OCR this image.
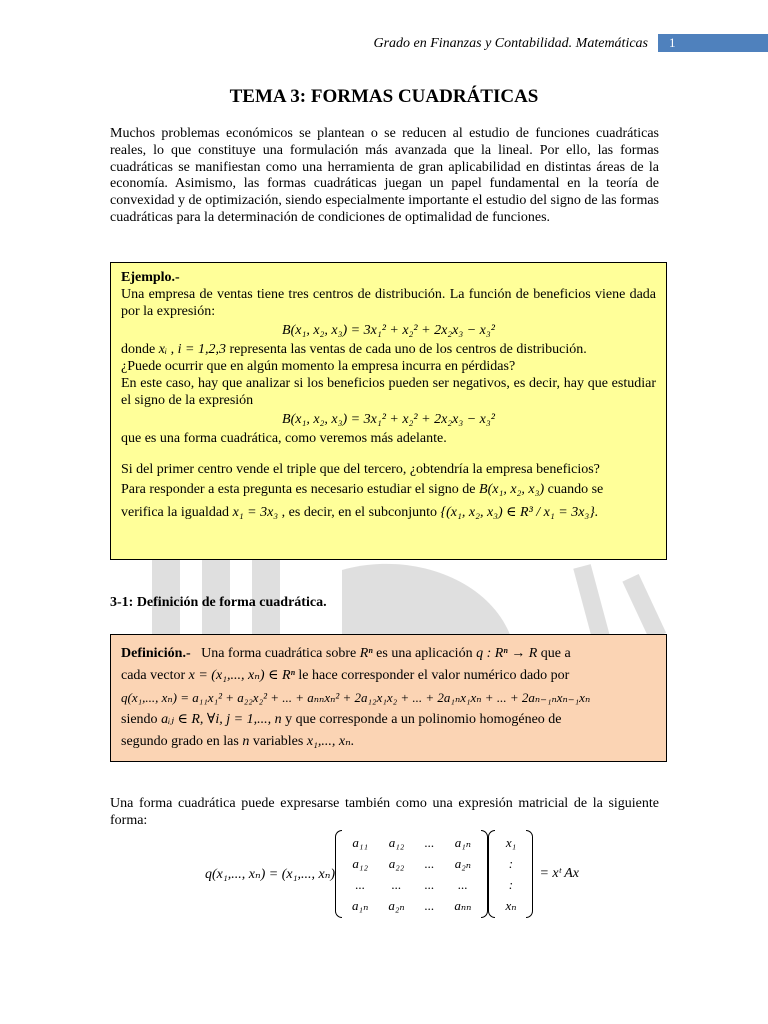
Grado en Finanzas y Contabilidad. Matemáticas	1
TEMA 3: FORMAS CUADRÁTICAS

Muchos problemas económicos se plantean o se reducen al estudio de funciones cuadráticas reales, lo que constituye una formulación más avanzada que la lineal. Por ello, las formas cuadráticas se manifiestan como una herramienta de gran aplicabilidad en distintas áreas de la economía. Asimismo, las formas cuadráticas juegan un papel fundamental en la teoría de convexidad y de optimización, siendo especialmente importante el estudio del signo de las formas cuadráticas para la determinación de condiciones de optimalidad de funciones.

Ejemplo.-

Una empresa de ventas tiene tres centros de distribución. La función de beneficios viene dada por la expresión:

B(x₁, x₂, x₃) = 3x₁² + x₂² + 2x₂x₃ − x₃²

donde xᵢ , i = 1,2,3 representa las ventas de cada uno de los centros de distribución.

¿Puede ocurrir que en algún momento la empresa incurra en pérdidas?

En este caso, hay que analizar si los beneficios pueden ser negativos, es decir, hay que estudiar el signo de la expresión

B(x₁, x₂, x₃) = 3x₁² + x₂² + 2x₂x₃ − x₃²

que es una forma cuadrática, como veremos más adelante.

Si del primer centro vende el triple que del tercero, ¿obtendría la empresa beneficios?

Para responder a esta pregunta es necesario estudiar el signo de B(x₁, x₂, x₃) cuando se

verifica la igualdad x₁ = 3x₃ , es decir, en el subconjunto {(x₁, x₂, x₃) ∈ R³ / x₁ = 3x₃}.

3-1: Definición de forma cuadrática.

Definición.- Una forma cuadrática sobre Rⁿ es una aplicación q : Rⁿ → R que a

cada vector x = (x₁,..., xₙ) ∈ Rⁿ le hace corresponder el valor numérico dado por

q(x₁,..., xₙ) = a₁₁x₁² + a₂₂x₂² + ... + aₙₙxₙ² + 2a₁₂x₁x₂ + ... + 2a₁ₙx₁xₙ + ... + 2aₙ₋₁ₙxₙ₋₁xₙ

siendo aᵢⱼ ∈ R, ∀i, j = 1,..., n y que corresponde a un polinomio homogéneo de

segundo grado en las n variables x₁,..., xₙ.

Una forma cuadrática puede expresarse también como una expresión matricial de la siguiente forma:

q(x₁,..., xₙ) = (x₁,..., xₙ)
a₁₁	a₁₂	...	a₁ₙ
a₁₂	a₂₂	...	a₂ₙ
...	...	...	...
a₁ₙ	a₂ₙ	...	aₙₙ
x₁
:
:
xₙ
= xᵗ Ax
